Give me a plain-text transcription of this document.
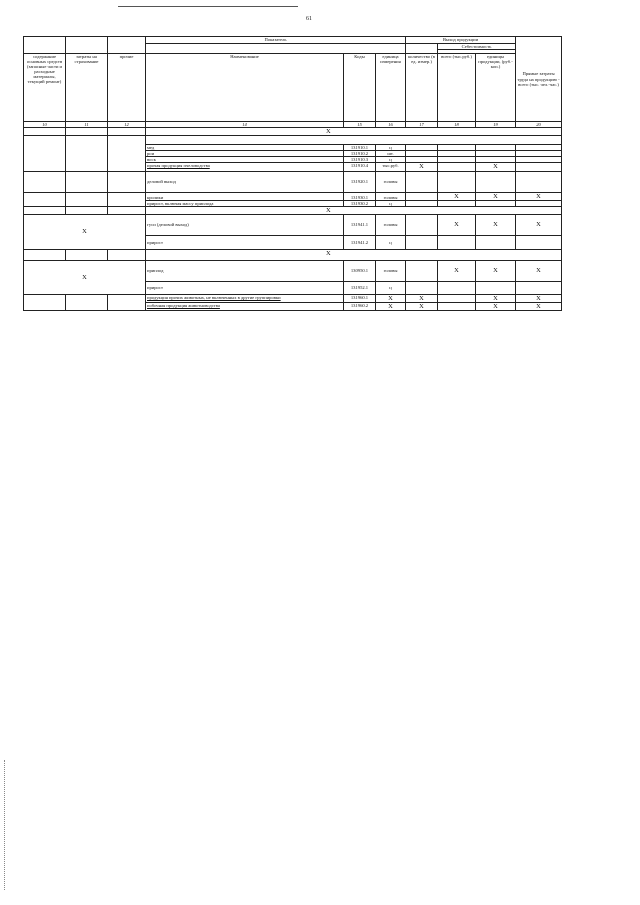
61
			Показатель			Выход продукции			Прямые затраты труда на продукцию - всего (тыс. чел.-час.)
							Себестоимость		

содержание основных средств (запасные части и расходные материалы, текущий ремонт)	затраты на страхование	прочие	Наименование	Коды	единица измерения	количество (в ед. измер.)	всего (тыс.руб.)	единицы продукции, (руб.-коп.)	

10	11	12	14	15	16	17	18	19	20
			X						

			мед	131910.1	ц				
			рои	131910.2	шт.				
			воск	131910.3	ц				
			прочая продукция пчеловодства	131910.4	тыс.руб.	X		X	
			деловой выход	131920.1	головы				
			кролики	131930.1	головы		X	X	X
			прирост, включая массу приплода	131930.2	ц				
			X						
X			гуси (деловой выход)	131941.1	головы		X	X	X
			прирост	131941.2	ц				
			X						
X			приплод	130950.1	головы		X	X	X
			прирост	131952.1	ц				
			продукция прочих животных, не включенных в другие группировки	131960.1	X	X		X	X
			побочная продукция животноводства	131960.2	X	X		X	X
